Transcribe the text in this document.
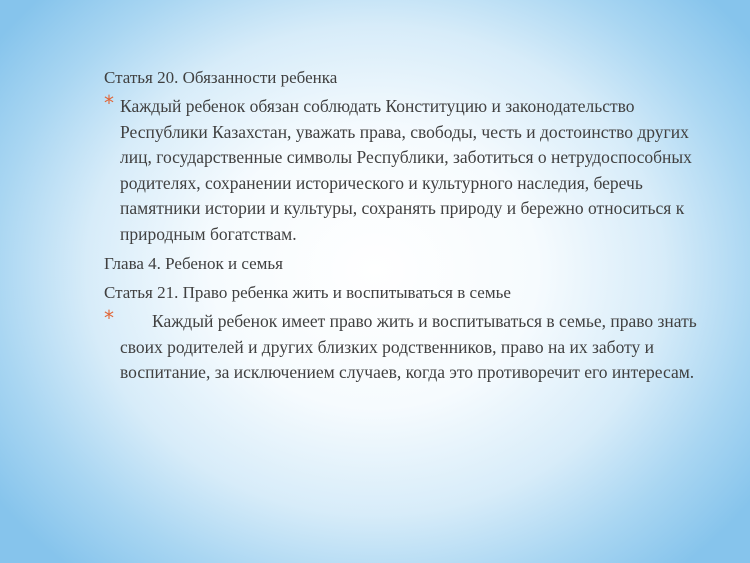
Статья 20. Обязанности ребенка

* Каждый ребенок обязан соблюдать Конституцию и законодательство Республики Казахстан, уважать права, свободы, честь и достоинство других лиц, государственные символы Республики, заботиться о нетрудоспособных родителях, сохранении исторического и культурного наследия, беречь памятники истории и культуры, сохранять природу и бережно относиться к природным богатствам.

Глава 4. Ребенок и семья

Статья 21. Право ребенка жить и воспитываться в семье

* Каждый ребенок имеет право жить и воспитываться в семье, право знать своих родителей и других близких родственников, право на их заботу и воспитание, за исключением случаев, когда это противоречит его интересам.
